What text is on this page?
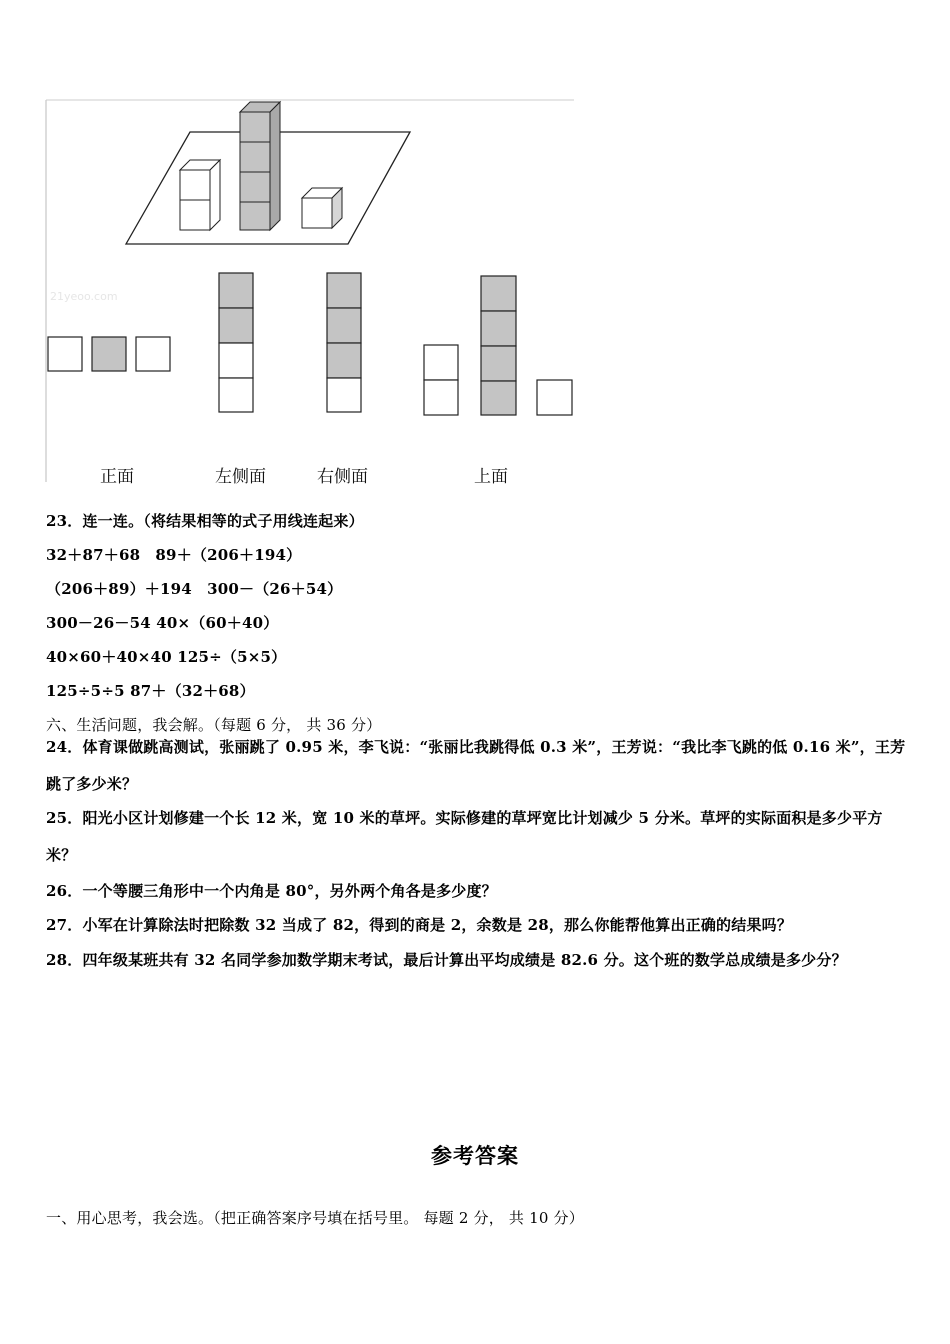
21yeoo.com
正面	左侧面	右侧面	上面
23．连一连。（将结果相等的式子用线连起来）
32＋87＋68　89＋（206＋194）
（206＋89）＋194　300－（26＋54）
300－26－54 40×（60＋40）
40×60＋40×40 125÷（5×5）
125÷5÷5 87＋（32＋68）
六、生活问题，我会解。（每题 6 分， 共 36 分）
24．体育课做跳高测试，张丽跳了 0.95 米，李飞说：“张丽比我跳得低 0.3 米”，王芳说：“我比李飞跳的低 0.16 米”，王芳跳了多少米？
25．阳光小区计划修建一个长 12 米，宽 10 米的草坪。实际修建的草坪宽比计划减少 5 分米。草坪的实际面积是多少平方米？
26．一个等腰三角形中一个内角是 80°，另外两个角各是多少度？
27．小军在计算除法时把除数 32 当成了 82，得到的商是 2，余数是 28，那么你能帮他算出正确的结果吗？
28．四年级某班共有 32 名同学参加数学期末考试，最后计算出平均成绩是 82.6 分。这个班的数学总成绩是多少分？
参考答案
一、用心思考，我会选。（把正确答案序号填在括号里。 每题 2 分， 共 10 分）
